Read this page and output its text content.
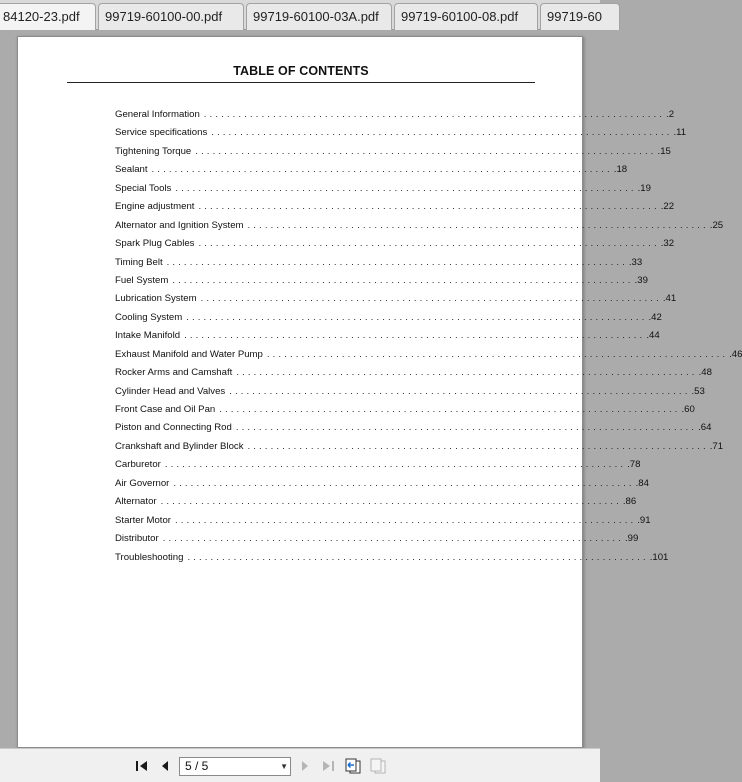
84120-23.pdf	99719-60100-00.pdf	99719-60100-03A.pdf	99719-60100-08.pdf	99719-60
TABLE OF CONTENTS
General Information ................................................................................ .2
Service specifications ................................................................................ .11
Tightening Torque ................................................................................ .15
Sealant ................................................................................ .18
Special Tools ................................................................................ .19
Engine adjustment ................................................................................ .22
Alternator and Ignition System ................................................................................ .25
Spark Plug Cables ................................................................................ .32
Timing Belt ................................................................................ .33
Fuel System ................................................................................ .39
Lubrication System ................................................................................ .41
Cooling System ................................................................................ .42
Intake Manifold ................................................................................ .44
Exhaust Manifold and Water Pump ................................................................................ .46
Rocker Arms and Camshaft ................................................................................ .48
Cylinder Head and Valves ................................................................................ .53
Front Case and Oil Pan ................................................................................ .60
Piston and Connecting Rod ................................................................................ .64
Crankshaft and Bylinder Block ................................................................................ .71
Carburetor ................................................................................ .78
Air Governor ................................................................................ .84
Alternator ................................................................................ .86
Starter Motor ................................................................................ .91
Distributor ................................................................................ .99
Troubleshooting ................................................................................ .101
5 / 5	▼
